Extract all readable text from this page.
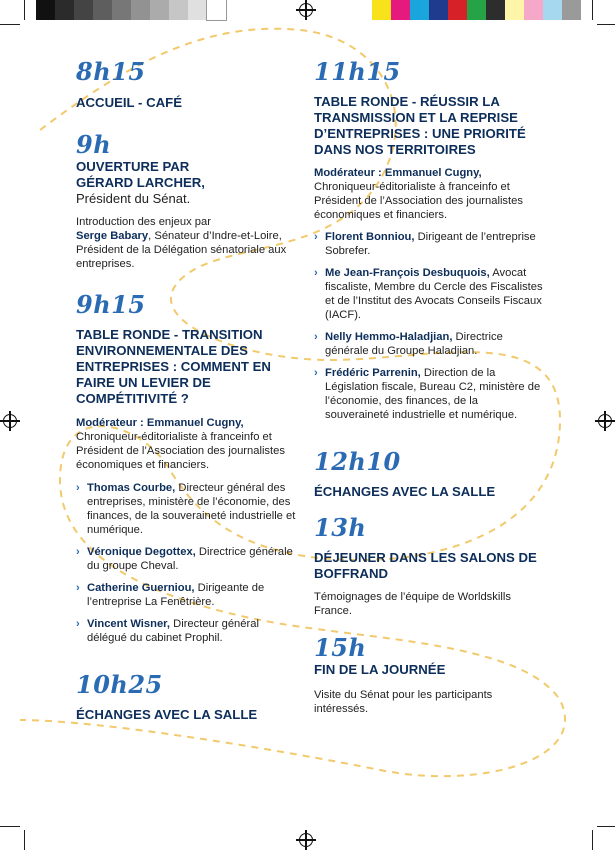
8h15
ACCUEIL - CAFÉ
9h
OUVERTURE PAR
GÉRARD LARCHER,
Président du Sénat.
Introduction des enjeux par
Serge Babary, Sénateur d’Indre-et-Loire, Président de la Délégation sénatoriale aux entreprises.
9h15
TABLE RONDE - TRANSITION ENVIRONNEMENTALE DES ENTREPRISES : COMMENT EN FAIRE UN LEVIER DE COMPÉTITIVITÉ ?
Modérateur : Emmanuel Cugny, Chroniqueur-éditorialiste à franceinfo et Président de l’Association des journalistes économiques et financiers.
› Thomas Courbe, Directeur général des entreprises, ministère de l’économie, des finances, de la souveraineté industrielle et numérique.
› Véronique Degottex, Directrice générale du groupe Cheval.
› Catherine Guerniou, Dirigeante de l’entreprise La Fenêtrière.
› Vincent Wisner, Directeur général délégué du cabinet Prophil.
10h25
ÉCHANGES AVEC LA SALLE
11h15
TABLE RONDE - RÉUSSIR LA TRANSMISSION ET LA REPRISE D’ENTREPRISES : UNE PRIORITÉ DANS NOS TERRITOIRES
Modérateur : Emmanuel Cugny, Chroniqueur-éditorialiste à franceinfo et Président de l’Association des journalistes économiques et financiers.
› Florent Bonniou, Dirigeant de l’entreprise Sobrefer.
› Me Jean-François Desbuquois, Avocat fiscaliste, Membre du Cercle des Fiscalistes et de l’Institut des Avocats Conseils Fiscaux (IACF).
› Nelly Hemmo-Haladjian, Directrice générale du Groupe Haladjian.
› Frédéric Parrenin, Direction de la Législation fiscale, Bureau C2, ministère de l’économie, des finances, de la souveraineté industrielle et numérique.
12h10
ÉCHANGES AVEC LA SALLE
13h
DÉJEUNER DANS LES SALONS DE BOFFRAND
Témoignages de l’équipe de Worldskills France.
15h
FIN DE LA JOURNÉE
Visite du Sénat pour les participants intéressés.
